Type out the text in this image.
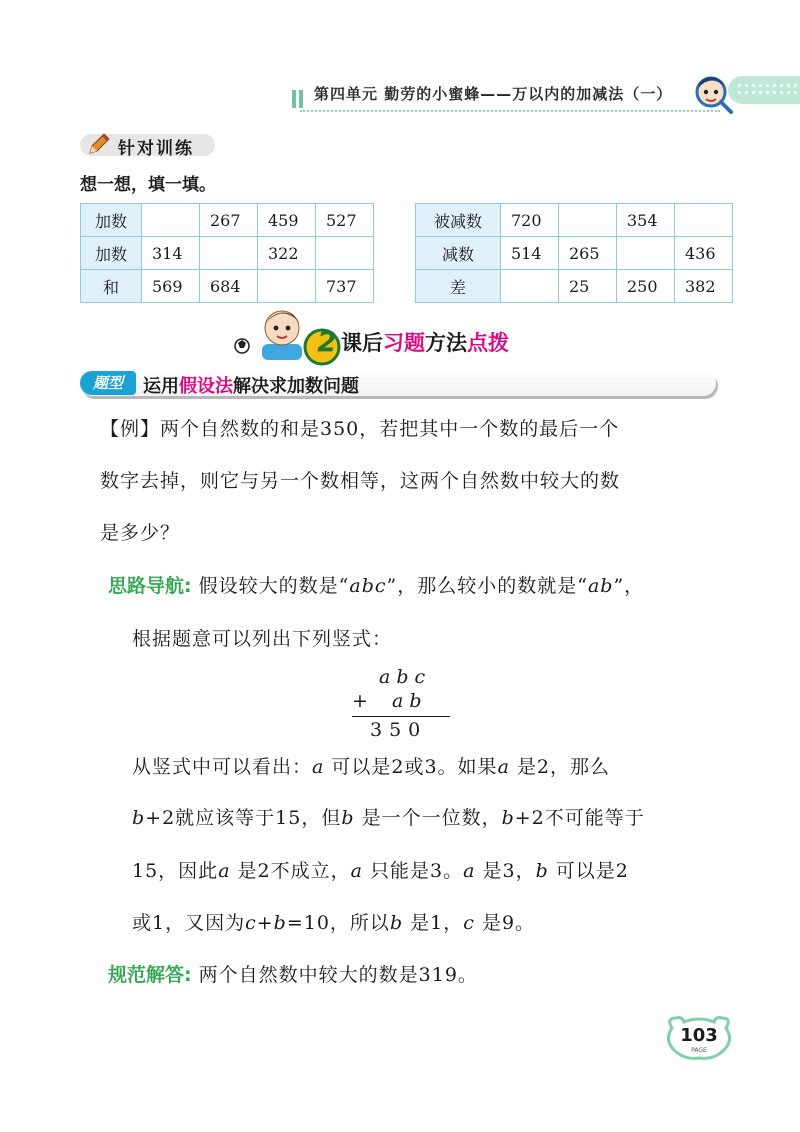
第四单元 勤劳的小蜜蜂——万以内的加减法（一）
针对训练
想一想，填一填。
加数		267	459	527
加数	314		322	
和	569	684		737
被减数	720		354	
减数	514	265		436
差		25	250	382
2 课后习题方法点拨
题型	运用假设法解决求加数问题
【例】两个自然数的和是350，若把其中一个数的最后一个
数字去掉，则它与另一个数相等，这两个自然数中较大的数
是多少？
思路导航: 假设较大的数是“abc”，那么较小的数就是“ab”，
根据题意可以列出下列竖式：
abc
+ ab
350
从竖式中可以看出：a 可以是2或3。如果a 是2，那么
b+2就应该等于15，但b 是一个一位数，b+2不可能等于
15，因此a 是2不成立，a 只能是3。a 是3，b 可以是2
或1，又因为c+b=10，所以b 是1，c 是9。
规范解答: 两个自然数中较大的数是319。
103
PAGE
